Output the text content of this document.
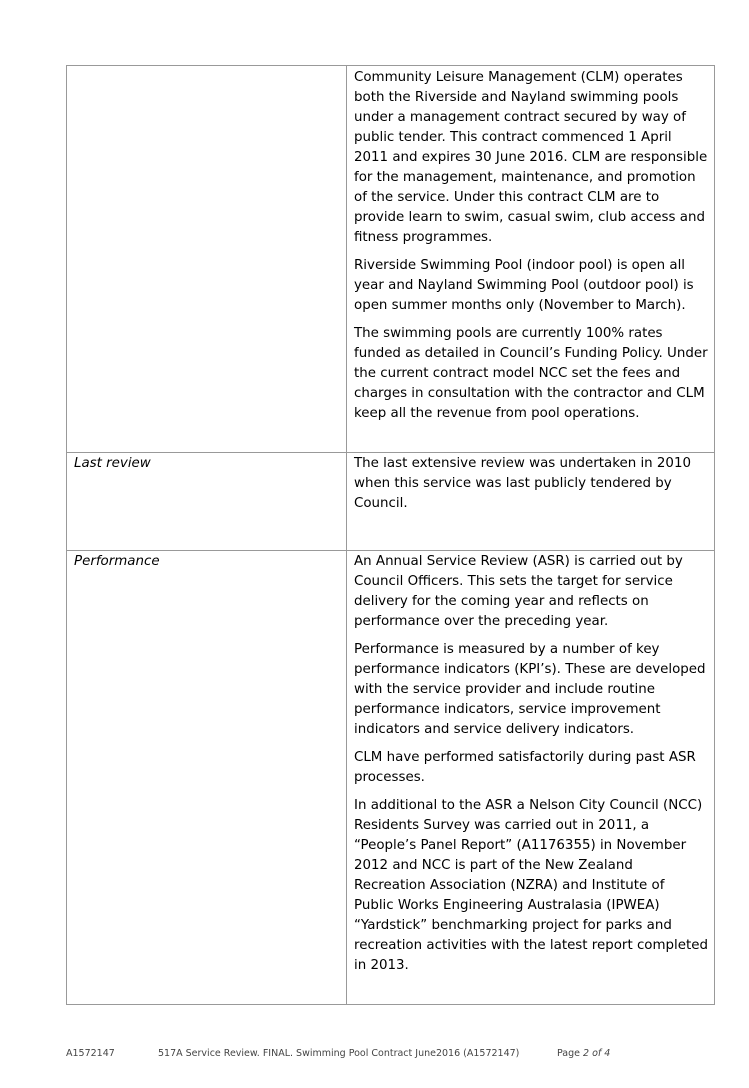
	Community Leisure Management (CLM) operates both the Riverside and Nayland swimming pools under a management contract secured by way of public tender. This contract commenced 1 April 2011 and expires 30 June 2016. CLM are responsible for the management, maintenance, and promotion of the service. Under this contract CLM are to provide learn to swim, casual swim, club access and fitness programmes.

Riverside Swimming Pool (indoor pool) is open all year and Nayland Swimming Pool (outdoor pool) is open summer months only (November to March).

The swimming pools are currently 100% rates funded as detailed in Council’s Funding Policy. Under the current contract model NCC set the fees and charges in consultation with the contractor and CLM keep all the revenue from pool operations.

Last review	The last extensive review was undertaken in 2010 when this service was last publicly tendered by Council.

Performance	An Annual Service Review (ASR) is carried out by Council Officers. This sets the target for service delivery for the coming year and reflects on performance over the preceding year.

Performance is measured by a number of key performance indicators (KPI’s). These are developed with the service provider and include routine performance indicators, service improvement indicators and service delivery indicators.

CLM have performed satisfactorily during past ASR processes.

In additional to the ASR a Nelson City Council (NCC) Residents Survey was carried out in 2011, a “People’s Panel Report” (A1176355) in November 2012 and NCC is part of the New Zealand Recreation Association (NZRA) and Institute of Public Works Engineering Australasia (IPWEA) “Yardstick” benchmarking project for parks and recreation activities with the latest report completed in 2013.

A1572147	517A Service Review. FINAL. Swimming Pool Contract June2016 (A1572147)	Page 2 of 4
